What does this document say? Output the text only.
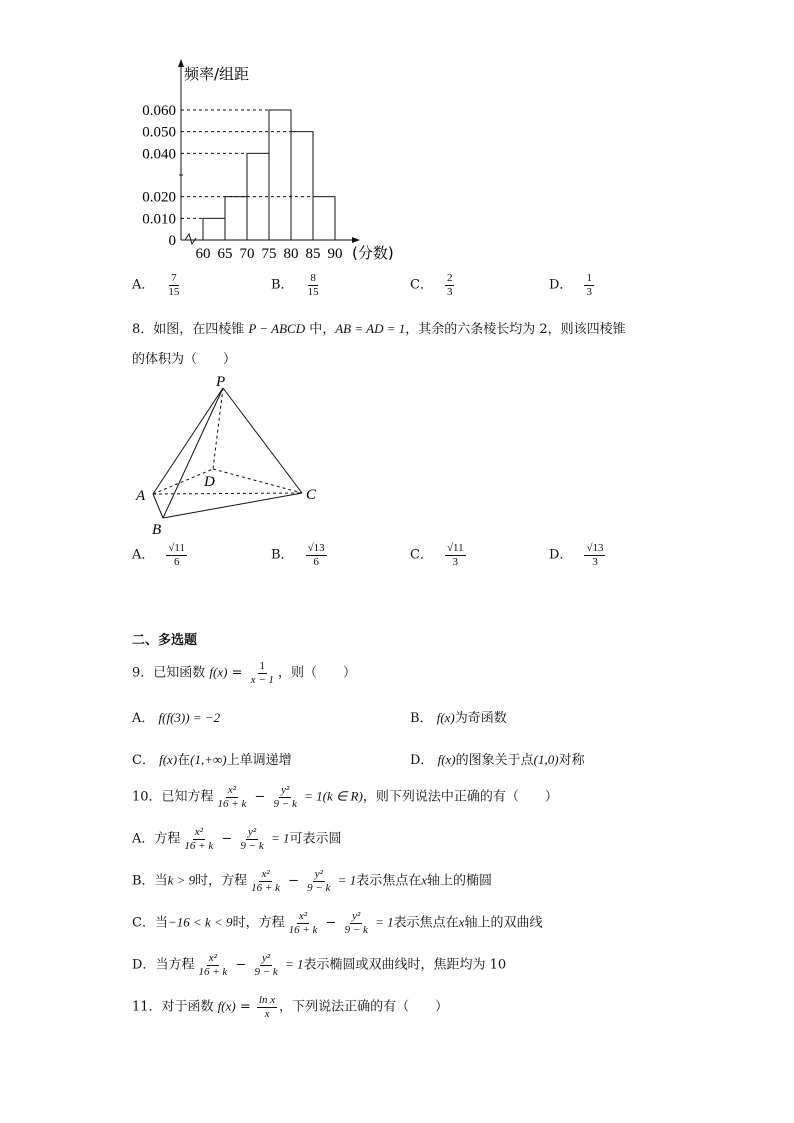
频率/组距
0.060
0.050
0.040
0.020
0.010
0
60 65 70 75 80 85 90 (分数)
A． $\frac{7}{15}$	B． $\frac{8}{15}$	C． $\frac{2}{3}$	D． $\frac{1}{3}$
8．如图，在四棱锥 P − ABCD 中，AB = AD = 1，其余的六条棱长均为 2，则该四棱锥
的体积为（　　）
P
A
B
C
D
A． $\frac{√11}{6}$	B． $\frac{√13}{6}$	C． $\frac{√11}{3}$	D． $\frac{√13}{3}$
二、多选题
9．已知函数 $f(x) = \frac{1}{x - 1}$ ，则（　　）
A． f(f(3)) = −2	B． f(x)为奇函数
C． f(x)在(1,+∞)上单调递增	D． f(x)的图象关于点(1,0)对称
10．已知方程 $\frac{\text{x²}}{16 + k} - \frac{\text{y²}}{9 - k} = 1(k$ ∈ R)，则下列说法中正确的有（　　）
A．方程 $\frac{\text{x²}}{16 + k} - \frac{\text{y²}}{9 - k} = 1$可表示圆
B．当k > 9时，方程 $\frac{\text{x²}}{16 + k} - \frac{\text{y²}}{9 - k} = 1$表示焦点在x轴上的椭圆
C．当−16 < k < 9时，方程 $\frac{\text{x²}}{16 + k} - \frac{\text{y²}}{9 - k} = 1$表示焦点在x轴上的双曲线
D．当方程 $\frac{\text{x²}}{16 + k} - \frac{\text{y²}}{9 - k} = 1$表示椭圆或双曲线时，焦距均为 10
11．对于函数 $f(x) = \frac{\text{ln x}}{x}$ ，下列说法正确的有（　　）
